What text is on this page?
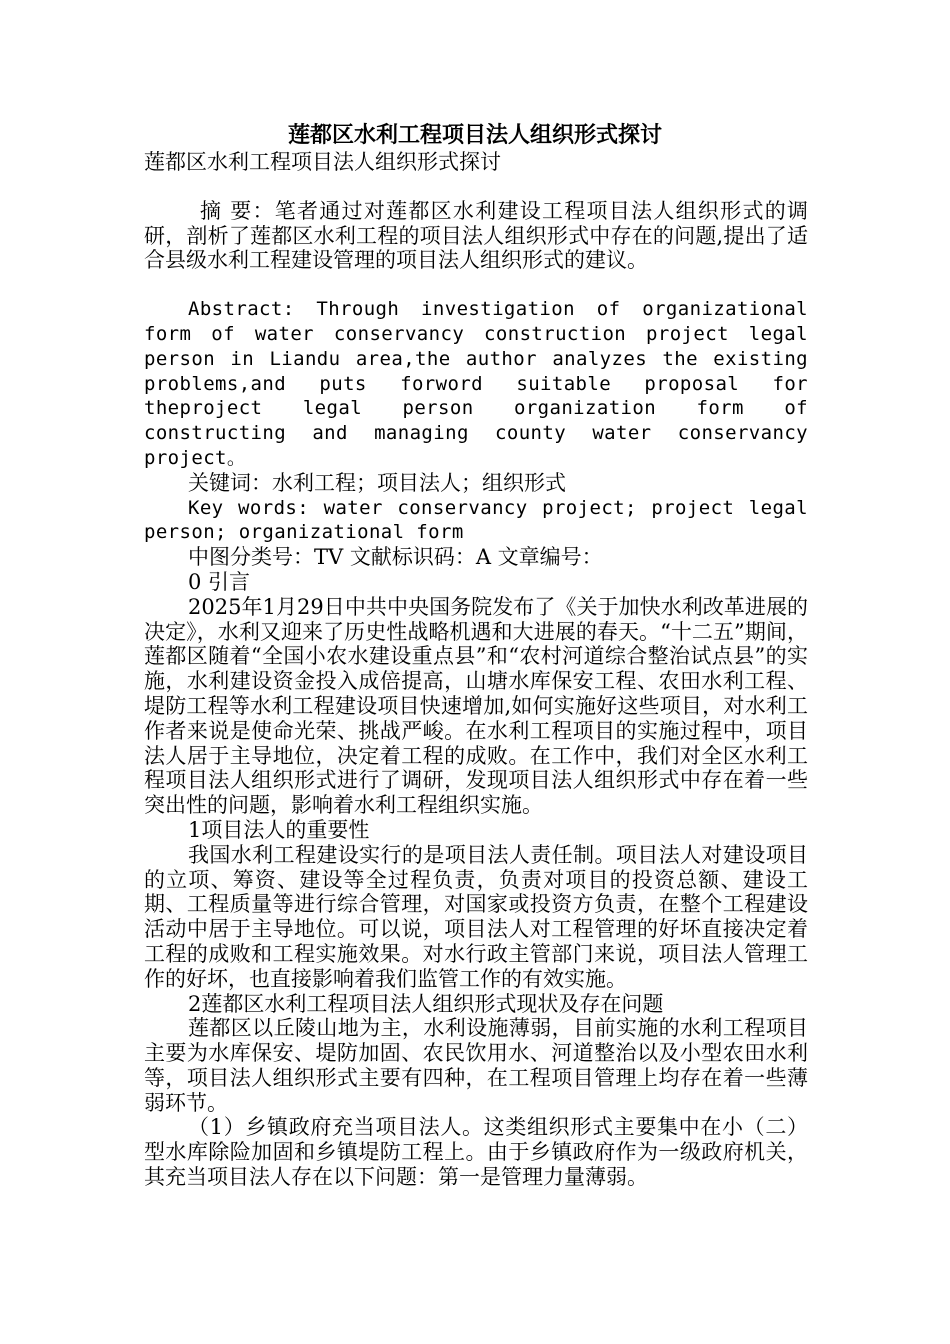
莲都区水利工程项目法人组织形式探讨

莲都区水利工程项目法人组织形式探讨

摘 要：笔者通过对莲都区水利建设工程项目法人组织形式的调研，剖析了莲都区水利工程的项目法人组织形式中存在的问题,提出了适合县级水利工程建设管理的项目法人组织形式的建议。

Abstract: Through investigation of organizational form of water conservancy construction project legal person in Liandu area,the author analyzes the existing problems,and puts forword suitable proposal for theproject legal person organization form of constructing and managing county water conservancy project。

关键词：水利工程；项目法人；组织形式

Key words: water conservancy project; project legal person; organizational form

中图分类号：TV 文献标识码：A 文章编号：

0 引言

2025年1月29日中共中央国务院发布了《关于加快水利改革进展的决定》，水利又迎来了历史性战略机遇和大进展的春天。“十二五”期间，莲都区随着“全国小农水建设重点县”和“农村河道综合整治试点县”的实施，水利建设资金投入成倍提高，山塘水库保安工程、农田水利工程、堤防工程等水利工程建设项目快速增加,如何实施好这些项目，对水利工作者来说是使命光荣、挑战严峻。在水利工程项目的实施过程中，项目法人居于主导地位，决定着工程的成败。在工作中，我们对全区水利工程项目法人组织形式进行了调研，发现项目法人组织形式中存在着一些突出性的问题，影响着水利工程组织实施。

1项目法人的重要性

我国水利工程建设实行的是项目法人责任制。项目法人对建设项目的立项、筹资、建设等全过程负责，负责对项目的投资总额、建设工期、工程质量等进行综合管理，对国家或投资方负责，在整个工程建设活动中居于主导地位。可以说，项目法人对工程管理的好坏直接决定着工程的成败和工程实施效果。对水行政主管部门来说，项目法人管理工作的好坏，也直接影响着我们监管工作的有效实施。

2莲都区水利工程项目法人组织形式现状及存在问题

莲都区以丘陵山地为主，水利设施薄弱，目前实施的水利工程项目主要为水库保安、堤防加固、农民饮用水、河道整治以及小型农田水利等，项目法人组织形式主要有四种，在工程项目管理上均存在着一些薄弱环节。

（1）乡镇政府充当项目法人。这类组织形式主要集中在小（二）型水库除险加固和乡镇堤防工程上。由于乡镇政府作为一级政府机关，其充当项目法人存在以下问题：第一是管理力量薄弱。
